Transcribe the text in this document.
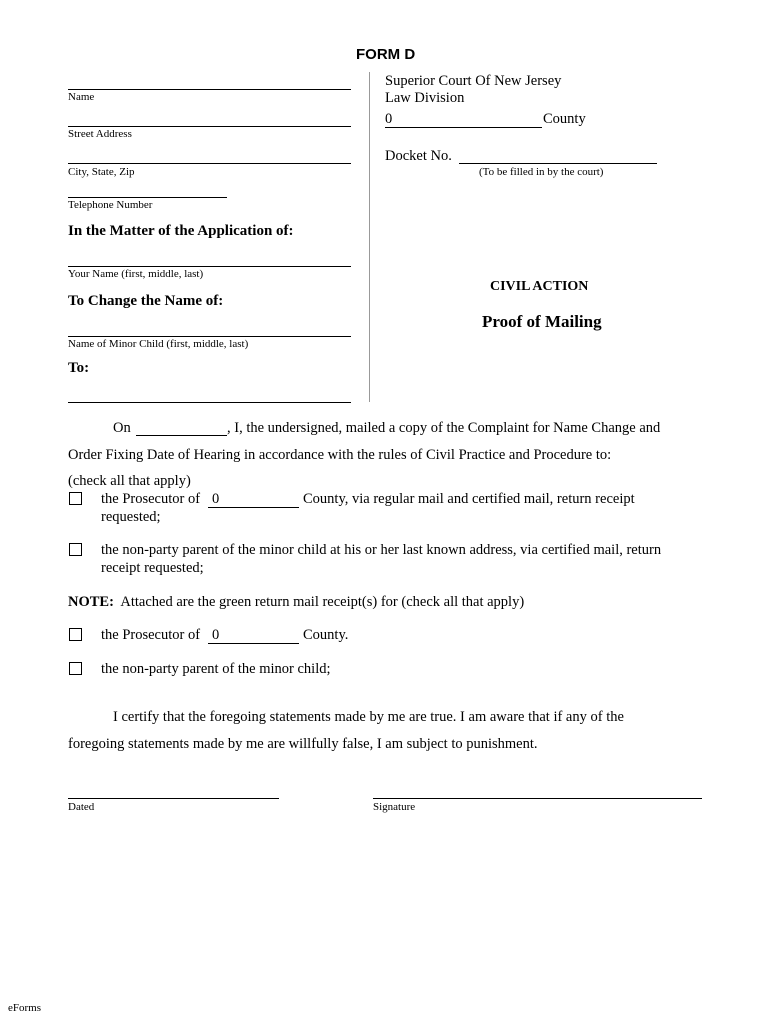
FORM D
Name
Street Address
City, State, Zip
Telephone Number
In the Matter of the Application of:
Your Name (first, middle, last)
To Change the Name of:
Name of Minor Child (first, middle, last)
To:
Superior Court Of New Jersey
Law Division
0	County
Docket No.
(To be filled in by the court)
CIVIL ACTION
Proof of Mailing
On	, I, the undersigned, mailed a copy of the Complaint for Name Change and
Order Fixing Date of Hearing in accordance with the rules of Civil Practice and Procedure to:
(check all that apply)
the Prosecutor of 0	County, via regular mail and certified mail, return receipt
requested;
the non-party parent of the minor child at his or her last known address, via certified mail, return
receipt requested;
NOTE: Attached are the green return mail receipt(s) for (check all that apply)
the Prosecutor of 0	County.
the non-party parent of the minor child;
I certify that the foregoing statements made by me are true. I am aware that if any of the
foregoing statements made by me are willfully false, I am subject to punishment.
Dated	Signature
eForms
